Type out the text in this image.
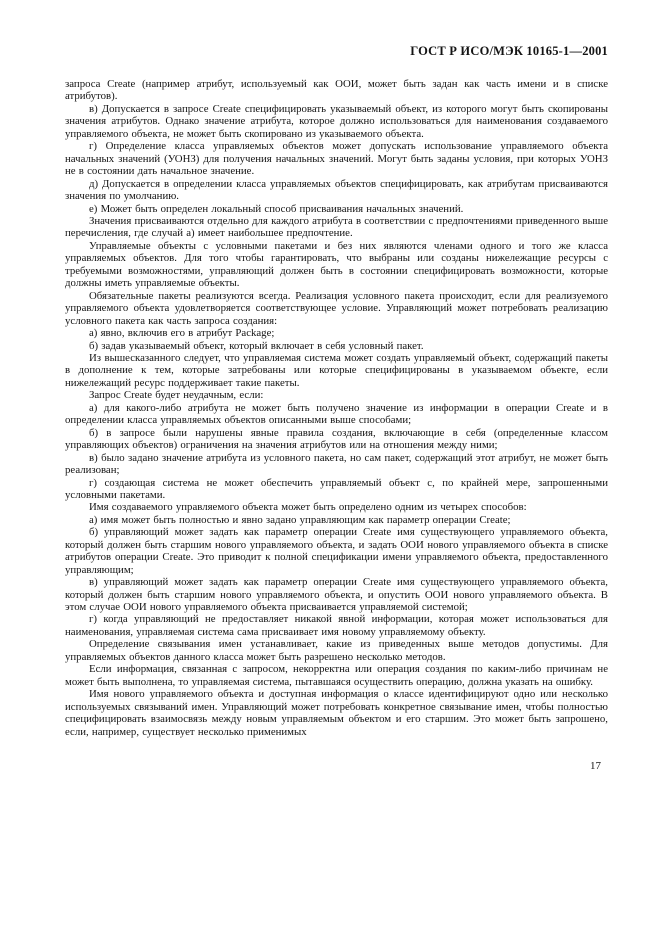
ГОСТ Р ИСО/МЭК 10165-1—2001

запроса Create (например атрибут, используемый как ООИ, может быть задан как часть имени и в списке атрибутов).

в) Допускается в запросе Create специфицировать указываемый объект, из которого могут быть скопированы значения атрибутов. Однако значение атрибута, которое должно использоваться для наименования создаваемого управляемого объекта, не может быть скопировано из указываемого объекта.

г) Определение класса управляемых объектов может допускать использование управляемого объекта начальных значений (УОНЗ) для получения начальных значений. Могут быть заданы условия, при которых УОНЗ не в состоянии дать начальное значение.

д) Допускается в определении класса управляемых объектов специфицировать, как атрибутам присваиваются значения по умолчанию.

е) Может быть определен локальный способ присваивания начальных значений.

Значения присваиваются отдельно для каждого атрибута в соответствии с предпочтениями приведенного выше перечисления, где случай а) имеет наибольшее предпочтение.

Управляемые объекты с условными пакетами и без них являются членами одного и того же класса управляемых объектов. Для того чтобы гарантировать, что выбраны или созданы нижележащие ресурсы с требуемыми возможностями, управляющий должен быть в состоянии специфицировать возможности, которые должны иметь управляемые объекты.

Обязательные пакеты реализуются всегда. Реализация условного пакета происходит, если для реализуемого управляемого объекта удовлетворяется соответствующее условие. Управляющий может потребовать реализацию условного пакета как часть запроса создания:

а) явно, включив его в атрибут Package;

б) задав указываемый объект, который включает в себя условный пакет.

Из вышесказанного следует, что управляемая система может создать управляемый объект, содержащий пакеты в дополнение к тем, которые затребованы или которые специфицированы в указываемом объекте, если нижележащий ресурс поддерживает такие пакеты.

Запрос Create будет неудачным, если:

а) для какого-либо атрибута не может быть получено значение из информации в операции Create и в определении класса управляемых объектов описанными выше способами;

б) в запросе были нарушены явные правила создания, включающие в себя (определенные классом управляющих объектов) ограничения на значения атрибутов или на отношения между ними;

в) было задано значение атрибута из условного пакета, но сам пакет, содержащий этот атрибут, не может быть реализован;

г) создающая система не может обеспечить управляемый объект с, по крайней мере, запрошенными условными пакетами.

Имя создаваемого управляемого объекта может быть определено одним из четырех способов:

а) имя может быть полностью и явно задано управляющим как параметр операции Create;

б) управляющий может задать как параметр операции Create имя существующего управляемого объекта, который должен быть старшим нового управляемого объекта, и задать ООИ нового управляемого объекта в списке атрибутов операции Create. Это приводит к полной спецификации имени управляемого объекта, предоставленного управляющим;

в) управляющий может задать как параметр операции Create имя существующего управляемого объекта, который должен быть старшим нового управляемого объекта, и опустить ООИ нового управляемого объекта. В этом случае ООИ нового управляемого объекта присваивается управляемой системой;

г) когда управляющий не предоставляет никакой явной информации, которая может использоваться для наименования, управляемая система сама присваивает имя новому управляемому объекту.

Определение связывания имен устанавливает, какие из приведенных выше методов допустимы. Для управляемых объектов данного класса может быть разрешено несколько методов.

Если информация, связанная с запросом, некорректна или операция создания по каким-либо причинам не может быть выполнена, то управляемая система, пытавшаяся осуществить операцию, должна указать на ошибку.

Имя нового управляемого объекта и доступная информация о классе идентифицируют одно или несколько используемых связываний имен. Управляющий может потребовать конкретное связывание имен, чтобы полностью специфицировать взаимосвязь между новым управляемым объектом и его старшим. Это может быть запрошено, если, например, существует несколько применимых

17
